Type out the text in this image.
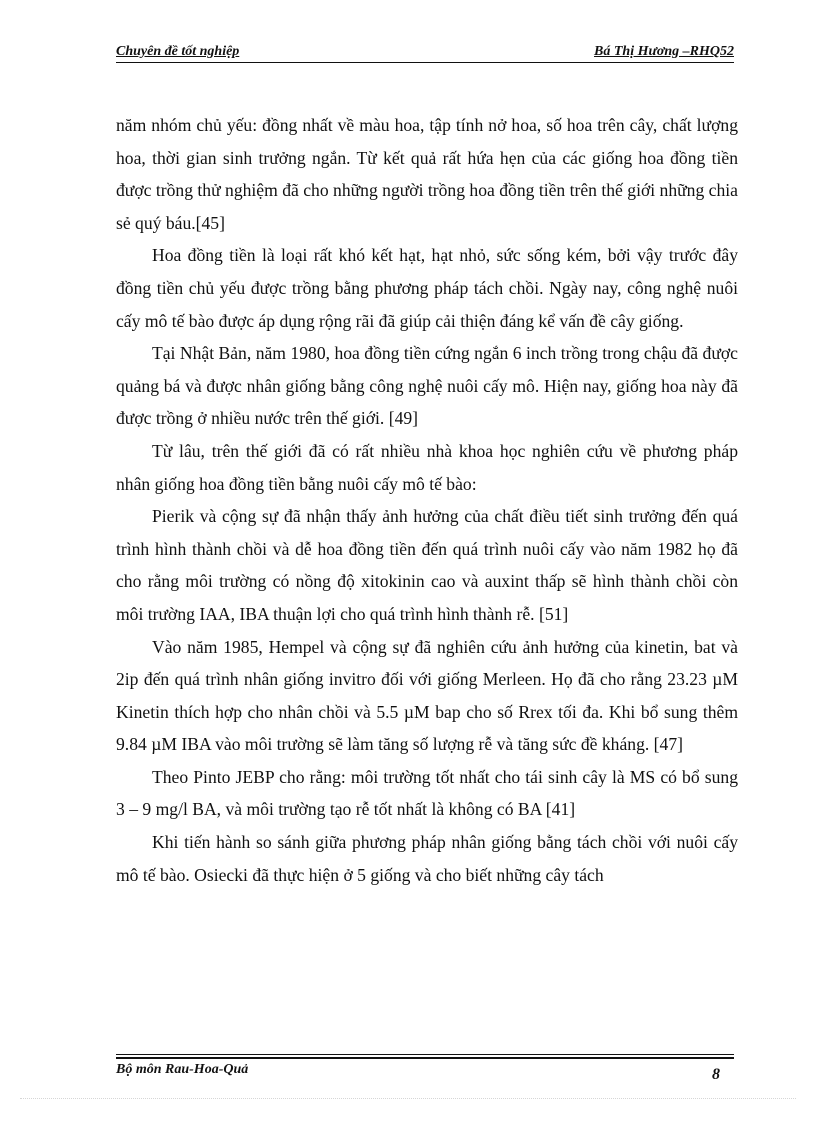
Chuyên đề tốt nghiệp	Bá Thị Hương –RHQ52

năm nhóm chủ yếu: đồng nhất về màu hoa, tập tính nở hoa, số hoa trên cây, chất lượng hoa, thời gian sinh trưởng ngắn. Từ kết quả rất hứa hẹn của các giống hoa đồng tiền được trồng thử nghiệm đã cho những người trồng hoa đồng tiền trên thế giới những chia sẻ quý báu.[45]

Hoa đồng tiền là loại rất khó kết hạt, hạt nhỏ, sức sống kém, bởi vậy trước đây đồng tiền chủ yếu được trồng bằng phương pháp tách chồi. Ngày nay, công nghệ nuôi cấy mô tế bào được áp dụng rộng rãi đã giúp cải thiện đáng kể vấn đề cây giống.

Tại Nhật Bản, năm 1980, hoa đồng tiền cứng ngắn 6 inch trồng trong chậu đã được quảng bá và được nhân giống bằng công nghệ nuôi cấy mô. Hiện nay, giống hoa này đã được trồng ở nhiều nước trên thế giới. [49]

Từ lâu, trên thế giới đã có rất nhiều nhà khoa học nghiên cứu về phương pháp nhân giống hoa đồng tiền bằng nuôi cấy mô tế bào:

Pierik và cộng sự đã nhận thấy ảnh hưởng của chất điều tiết sinh trưởng đến quá trình hình thành chồi và dễ hoa đồng tiền đến quá trình nuôi cấy vào năm 1982 họ đã cho rằng môi trường có nồng độ xitokinin cao và auxint thấp sẽ hình thành chồi còn môi trường IAA, IBA thuận lợi cho quá trình hình thành rễ. [51]

Vào năm 1985, Hempel và cộng sự đã nghiên cứu ảnh hưởng của kinetin, bat và 2ip đến quá trình nhân giống invitro đối với giống Merleen. Họ đã cho rằng 23.23 µM Kinetin thích hợp cho nhân chồi và 5.5 µM bap cho số Rrex tối đa. Khi bổ sung thêm 9.84 µM IBA vào môi trường sẽ làm tăng số lượng rễ và tăng sức đề kháng. [47]

Theo Pinto JEBP cho rằng: môi trường tốt nhất cho tái sinh cây là MS có bổ sung 3 – 9 mg/l BA, và môi trường tạo rễ tốt nhất là không có BA [41]

Khi tiến hành so sánh giữa phương pháp nhân giống bằng tách chồi với nuôi cấy mô tế bào. Osiecki đã thực hiện ở 5 giống và cho biết những cây tách

Bộ môn Rau-Hoa-Quả	8
